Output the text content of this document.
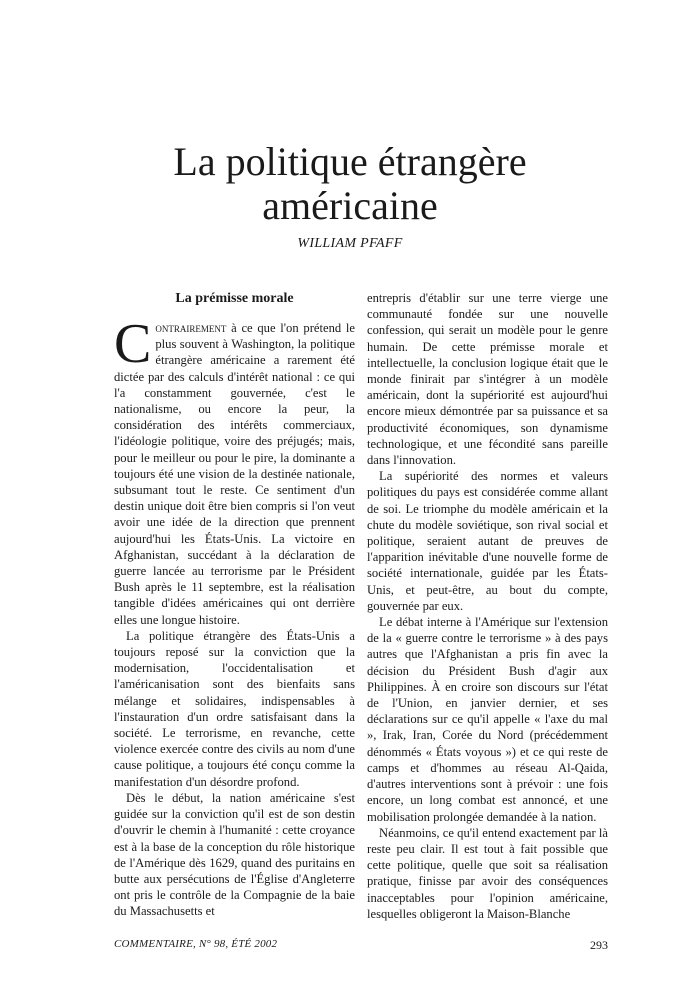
La politique étrangère
américaine
WILLIAM PFAFF
La prémisse morale

Contrairement à ce que l'on prétend le plus souvent à Washington, la politique étrangère américaine a rarement été dictée par des calculs d'intérêt national : ce qui l'a constamment gouvernée, c'est le nationalisme, ou encore la peur, la considération des intérêts commerciaux, l'idéologie politique, voire des préjugés; mais, pour le meilleur ou pour le pire, la dominante a toujours été une vision de la destinée nationale, subsumant tout le reste. Ce sentiment d'un destin unique doit être bien compris si l'on veut avoir une idée de la direction que prennent aujourd'hui les États-Unis. La victoire en Afghanistan, succédant à la déclaration de guerre lancée au terrorisme par le Président Bush après le 11 septembre, est la réalisation tangible d'idées américaines qui ont derrière elles une longue histoire.

La politique étrangère des États-Unis a toujours reposé sur la conviction que la modernisation, l'occidentalisation et l'américanisation sont des bienfaits sans mélange et solidaires, indispensables à l'instauration d'un ordre satisfaisant dans la société. Le terrorisme, en revanche, cette violence exercée contre des civils au nom d'une cause politique, a toujours été conçu comme la manifestation d'un désordre profond.

Dès le début, la nation américaine s'est guidée sur la conviction qu'il est de son destin d'ouvrir le chemin à l'humanité : cette croyance est à la base de la conception du rôle historique de l'Amérique dès 1629, quand des puritains en butte aux persécutions de l'Église d'Angleterre ont pris le contrôle de la Compagnie de la baie du Massachusetts et

entrepris d'établir sur une terre vierge une communauté fondée sur une nouvelle confession, qui serait un modèle pour le genre humain. De cette prémisse morale et intellectuelle, la conclusion logique était que le monde finirait par s'intégrer à un modèle américain, dont la supériorité est aujourd'hui encore mieux démontrée par sa puissance et sa productivité économiques, son dynamisme technologique, et une fécondité sans pareille dans l'innovation.

La supériorité des normes et valeurs politiques du pays est considérée comme allant de soi. Le triomphe du modèle américain et la chute du modèle soviétique, son rival social et politique, seraient autant de preuves de l'apparition inévitable d'une nouvelle forme de société internationale, guidée par les États-Unis, et peut-être, au bout du compte, gouvernée par eux.

Le débat interne à l'Amérique sur l'extension de la « guerre contre le terrorisme » à des pays autres que l'Afghanistan a pris fin avec la décision du Président Bush d'agir aux Philippines. À en croire son discours sur l'état de l'Union, en janvier dernier, et ses déclarations sur ce qu'il appelle « l'axe du mal », Irak, Iran, Corée du Nord (précédemment dénommés « États voyous ») et ce qui reste de camps et d'hommes au réseau Al-Qaida, d'autres interventions sont à prévoir : une fois encore, un long combat est annoncé, et une mobilisation prolongée demandée à la nation.

Néanmoins, ce qu'il entend exactement par là reste peu clair. Il est tout à fait possible que cette politique, quelle que soit sa réalisation pratique, finisse par avoir des conséquences inacceptables pour l'opinion américaine, lesquelles obligeront la Maison-Blanche

COMMENTAIRE, N° 98, ÉTÉ 2002	293
